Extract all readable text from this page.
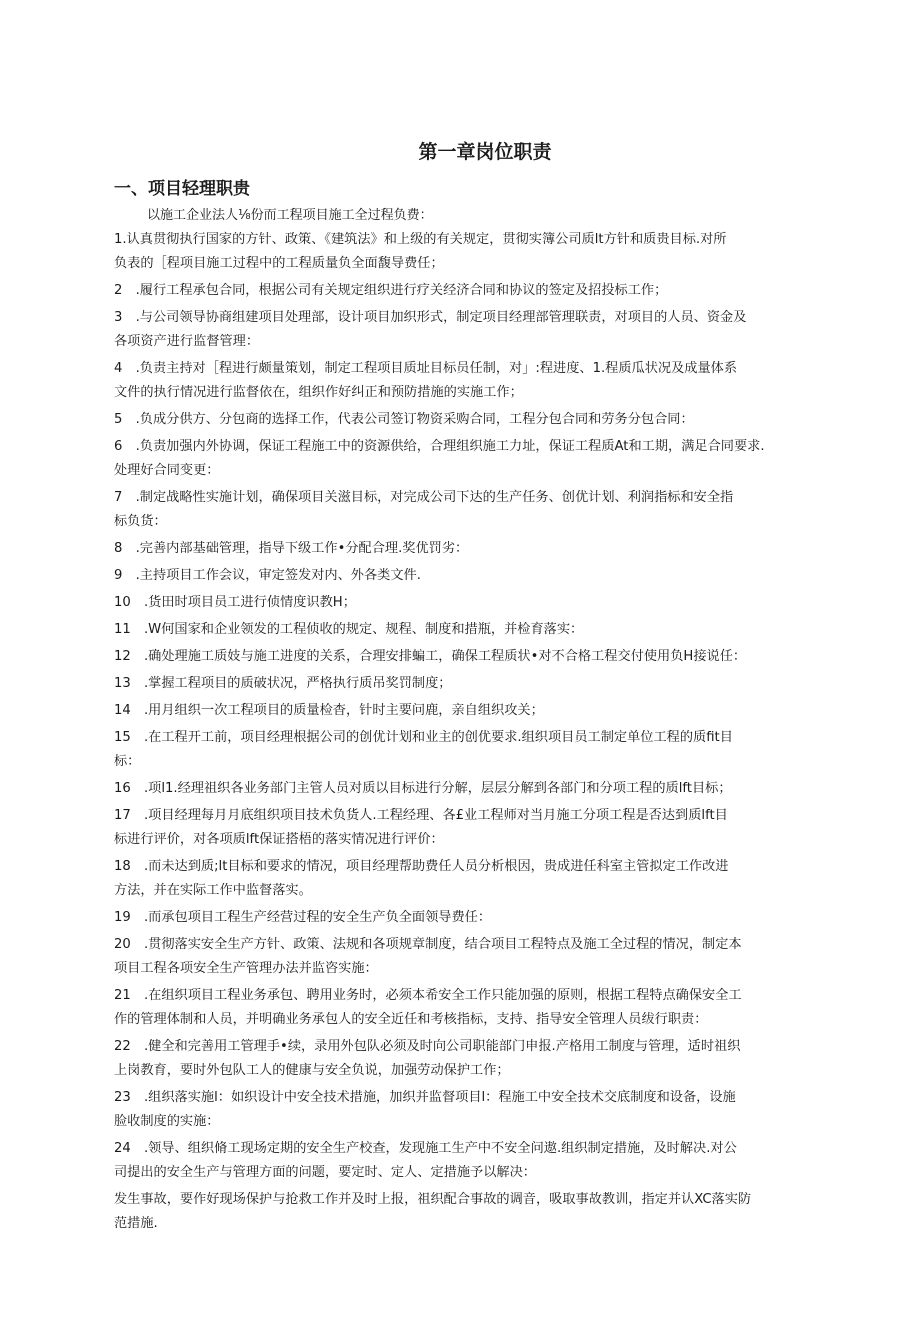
第一章岗位职责
一、项目轻理职贵

以施工企业法人⅛份而工程项目施工全过程负费：

1.认真贯彻执行国家的方针、政策、《建筑法》和上级的有关规定，贯彻实簿公司质lt方针和质贵目标.对所
负表的［程项目施工过程中的工程质量负全面馥导费任；
2　.履行工程承包合同，根据公司有关规定组织进行疗关经济合同和协议的签定及招投标工作；
3　.与公司领导协商组建项目处理部，设计项目加织形式，制定项目经理部管理联责，对项目的人员、资金及
各项资产进行监督管理：
4　.负责主持对［程进行颇量策划，制定工程项目质址目标员任制，对」:程进度、1.程质瓜状况及成量体系
文件的执行情况进行监督依在，组织作好纠正和预防措施的实施工作；
5　.负成分供方、分包商的选择工作，代表公司签订物资采购合同，工程分包合同和劳务分包合同：
6　.负责加强内外协调，保证工程施工中的资源供给，合理组织施工力址，保证工程质At和工期，满足合同要求.
处理好合同变更：
7　.制定战略性实施计划，确保项目关滋目标，对完成公司下达的生产任务、创优计划、利润指标和安全指
标负货：
8　.完善内部基础管理，指导下级工作•分配合理.奖优罚劣：
9　.主持项目工作会议，审定签发对内、外各类文件.
10　.货田时项目员工进行侦情度识教H；
11　.W何国家和企业领发的工程侦收的规定、规程、制度和措瓶，并检育落实：
12　.确处理施工质妓与施工进度的关系，合理安排蝙工，确保工程质状•对不合格工程交付使用负H接说任：
13　.掌握工程项目的质破状况，严格执行质吊奖罚制度；
14　.用月组织一次工程项目的质量检杳，针时主要问鹿，亲自组织攻关；
15　.在工程开工前，项目经理根据公司的创优计划和业主的创优要求.组织项目员工制定单位工程的质fit目
标：
16　.项l1.经理祖织各业务部门主管人员对质以目标进行分解，层层分解到各部门和分项工程的质lft目标；
17　.项目经理每月月底组织项目技术负货人.工程经理、各£业工程师对当月施工分项工程是否达到质lft目
标进行评价，对各项质lft保证搭梧的落实情况进行评价：
18　.而未达到质;lt目标和要求的情况，项目经理帮助费任人员分析根因，贵成进任科室主管拟定工作改进
方法，并在实际工作中监督落实。
19　.而承包项目工程生产经营过程的安全生产负全面领导费任：
20　.贯彻落实安全生产方针、政策、法规和各项规章制度，结合项目工程特点及施工全过程的情况，制定本
项目工程各项安全生产管理办法并监咨实施：
21　.在组织项目工程业务承包、聘用业务时，必须本希安全工作只能加强的原则，根据工程特点确保安全工
作的管理体制和人员，并明确业务承包人的安全近任和考核指标，支持、指导安全管理人员绂行职责：
22　.健全和完善用工管理手•续，录用外包队必须及时向公司职能部门申报.产格用工制度与管理，适时祖织
上岗教育，要时外包队工人的健康与安全负说，加强劳动保护工作；
23　.组织落实施l：如织设计中安全技术措施，加织并监督项目l：程施工中安全技术交底制度和设备，设施
脸收制度的实施：
24　.领导、组织脩工现场定期的安全生产校查，发现施工生产中不安全问遨.组织制定措施，及时解决.对公
司提出的安全生产与管理方面的问题，要定时、定人、定措施予以解决：
发生事故，要作好现场保护与抢救工作并及时上报，祖织配合事故的调音，吸取事故教训，指定并认XC落实防
范措施.
